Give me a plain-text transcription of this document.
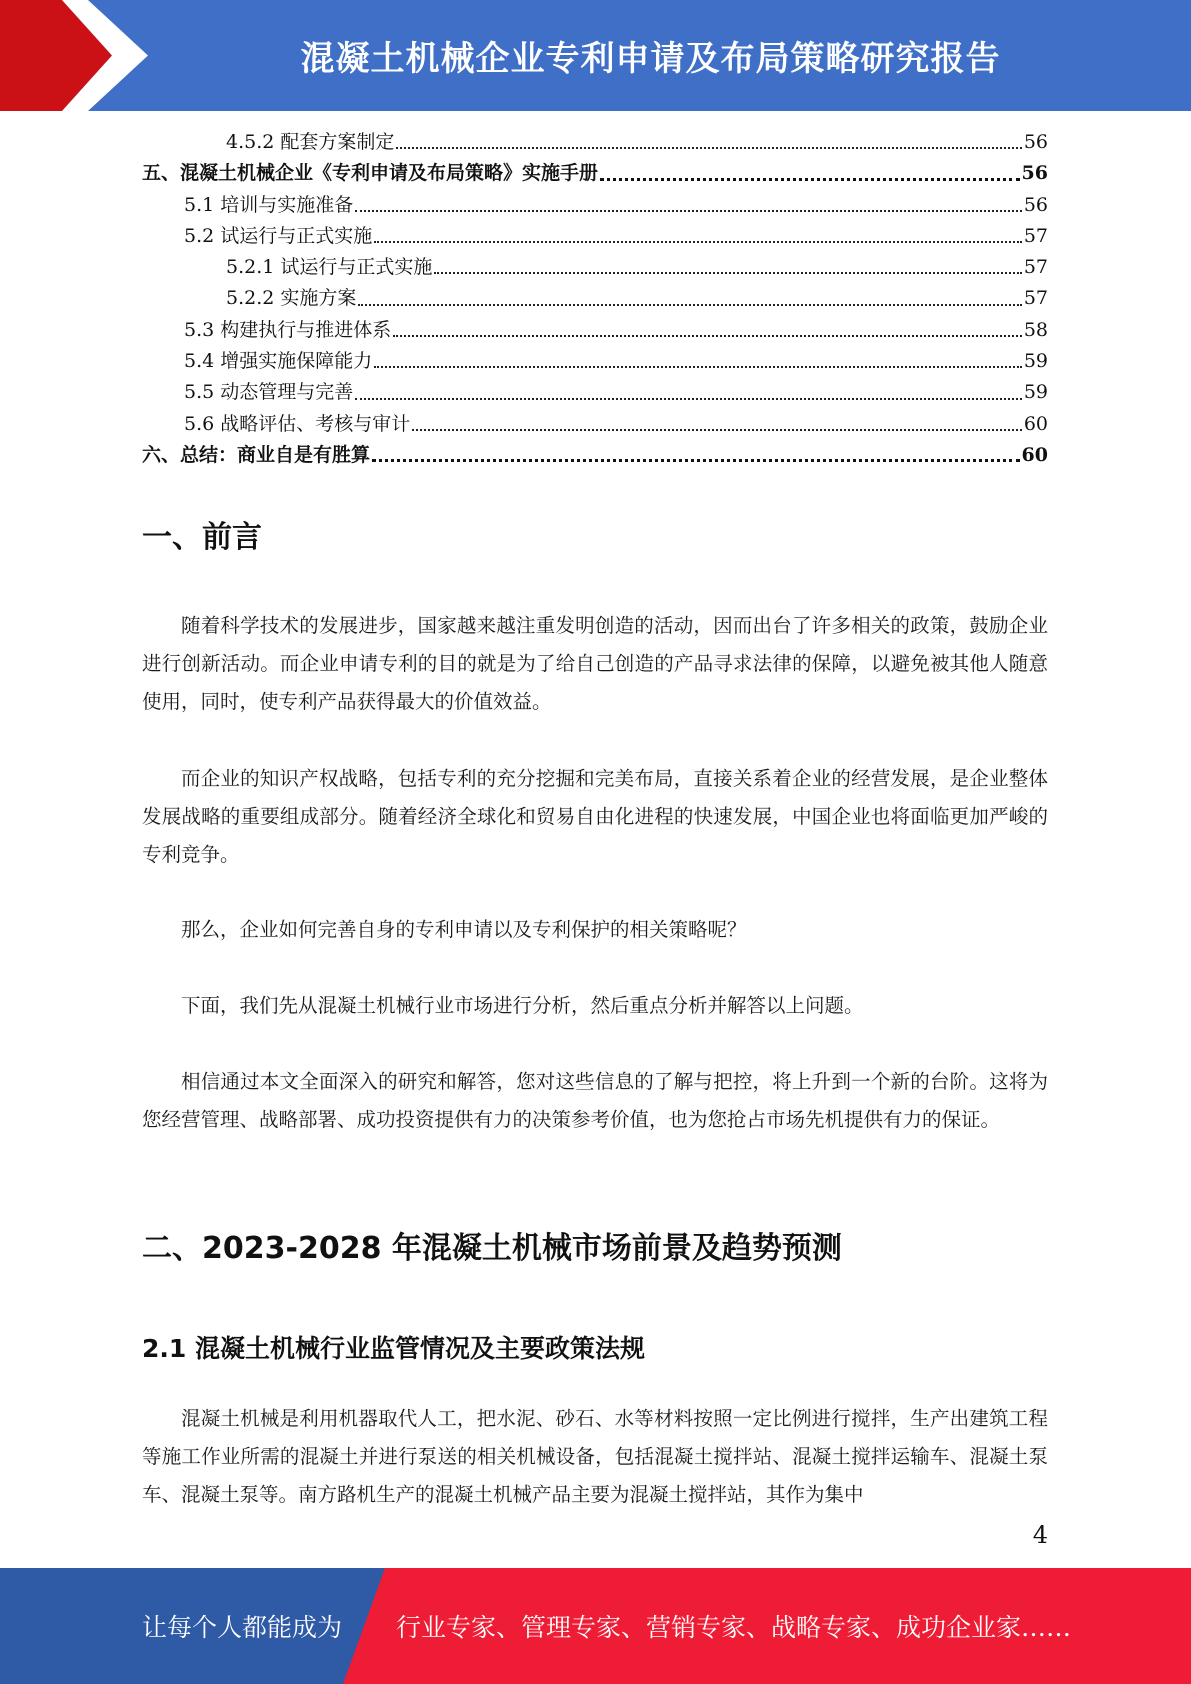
混凝土机械企业专利申请及布局策略研究报告
4.5.2 配套方案制定	56
五、混凝土机械企业《专利申请及布局策略》实施手册	56
5.1 培训与实施准备	56
5.2 试运行与正式实施	57
5.2.1 试运行与正式实施	57
5.2.2 实施方案	57
5.3 构建执行与推进体系	58
5.4 增强实施保障能力	59
5.5 动态管理与完善	59
5.6 战略评估、考核与审计	60
六、总结：商业自是有胜算	60
一、前言
随着科学技术的发展进步，国家越来越注重发明创造的活动，因而出台了许多相关的政策，鼓励企业进行创新活动。而企业申请专利的目的就是为了给自己创造的产品寻求法律的保障，以避免被其他人随意使用，同时，使专利产品获得最大的价值效益。
而企业的知识产权战略，包括专利的充分挖掘和完美布局，直接关系着企业的经营发展，是企业整体发展战略的重要组成部分。随着经济全球化和贸易自由化进程的快速发展，中国企业也将面临更加严峻的专利竞争。
那么，企业如何完善自身的专利申请以及专利保护的相关策略呢？
下面，我们先从混凝土机械行业市场进行分析，然后重点分析并解答以上问题。
相信通过本文全面深入的研究和解答，您对这些信息的了解与把控，将上升到一个新的台阶。这将为您经营管理、战略部署、成功投资提供有力的决策参考价值，也为您抢占市场先机提供有力的保证。
二、2023-2028 年混凝土机械市场前景及趋势预测
2.1 混凝土机械行业监管情况及主要政策法规
混凝土机械是利用机器取代人工，把水泥、砂石、水等材料按照一定比例进行搅拌，生产出建筑工程等施工作业所需的混凝土并进行泵送的相关机械设备，包括混凝土搅拌站、混凝土搅拌运输车、混凝土泵车、混凝土泵等。南方路机生产的混凝土机械产品主要为混凝土搅拌站，其作为集中
4
让每个人都能成为 行业专家、管理专家、营销专家、战略专家、成功企业家……
